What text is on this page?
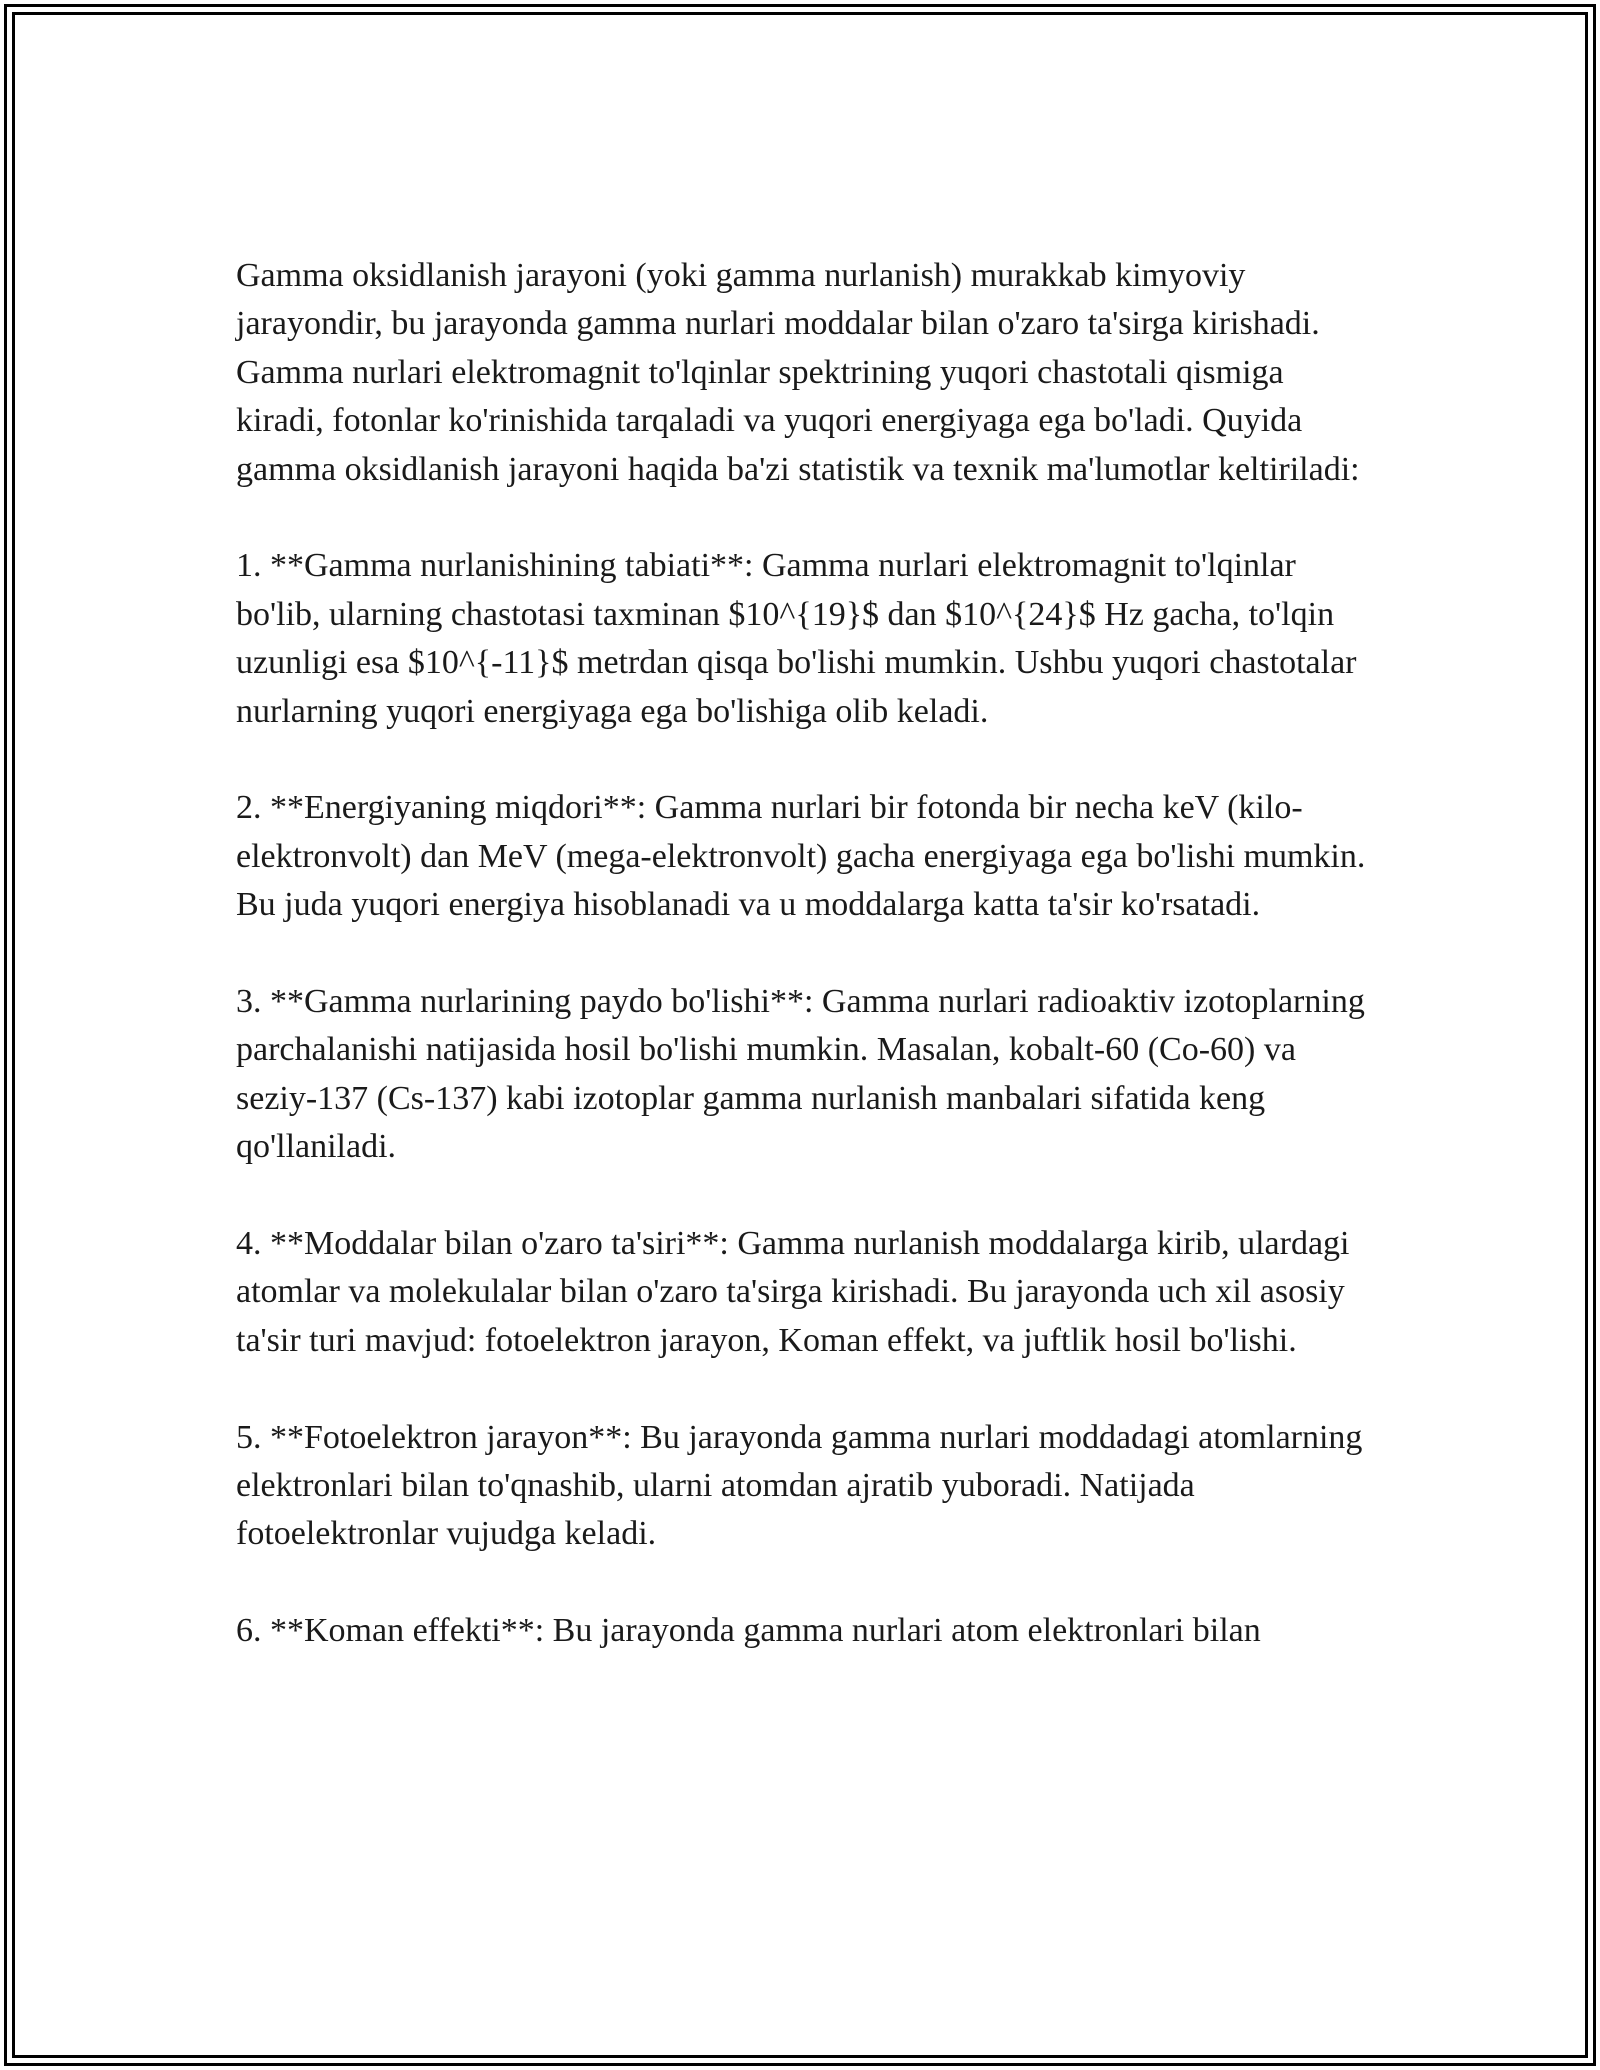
Gamma oksidlanish jarayoni (yoki gamma nurlanish) murakkab kimyoviy jarayondir, bu jarayonda gamma nurlari moddalar bilan o'zaro ta'sirga kirishadi. Gamma nurlari elektromagnit to'lqinlar spektrining yuqori chastotali qismiga kiradi, fotonlar ko'rinishida tarqaladi va yuqori energiyaga ega bo'ladi. Quyida gamma oksidlanish jarayoni haqida ba'zi statistik va texnik ma'lumotlar keltiriladi:

1. **Gamma nurlanishining tabiati**: Gamma nurlari elektromagnit to'lqinlar bo'lib, ularning chastotasi taxminan $10^{19}$ dan $10^{24}$ Hz gacha, to'lqin uzunligi esa $10^{-11}$ metrdan qisqa bo'lishi mumkin. Ushbu yuqori chastotalar nurlarning yuqori energiyaga ega bo'lishiga olib keladi.

2. **Energiyaning miqdori**: Gamma nurlari bir fotonda bir necha keV (kilo-elektronvolt) dan MeV (mega-elektronvolt) gacha energiyaga ega bo'lishi mumkin. Bu juda yuqori energiya hisoblanadi va u moddalarga katta ta'sir ko'rsatadi.

3. **Gamma nurlarining paydo bo'lishi**: Gamma nurlari radioaktiv izotoplarning parchalanishi natijasida hosil bo'lishi mumkin. Masalan, kobalt-60 (Co-60) va seziy-137 (Cs-137) kabi izotoplar gamma nurlanish manbalari sifatida keng qo'llaniladi.

4. **Moddalar bilan o'zaro ta'siri**: Gamma nurlanish moddalarga kirib, ulardagi atomlar va molekulalar bilan o'zaro ta'sirga kirishadi. Bu jarayonda uch xil asosiy ta'sir turi mavjud: fotoelektron jarayon, Koman effekt, va juftlik hosil bo'lishi.

5. **Fotoelektron jarayon**: Bu jarayonda gamma nurlari moddadagi atomlarning elektronlari bilan to'qnashib, ularni atomdan ajratib yuboradi. Natijada fotoelektronlar vujudga keladi.

6. **Koman effekti**: Bu jarayonda gamma nurlari atom elektronlari bilan
